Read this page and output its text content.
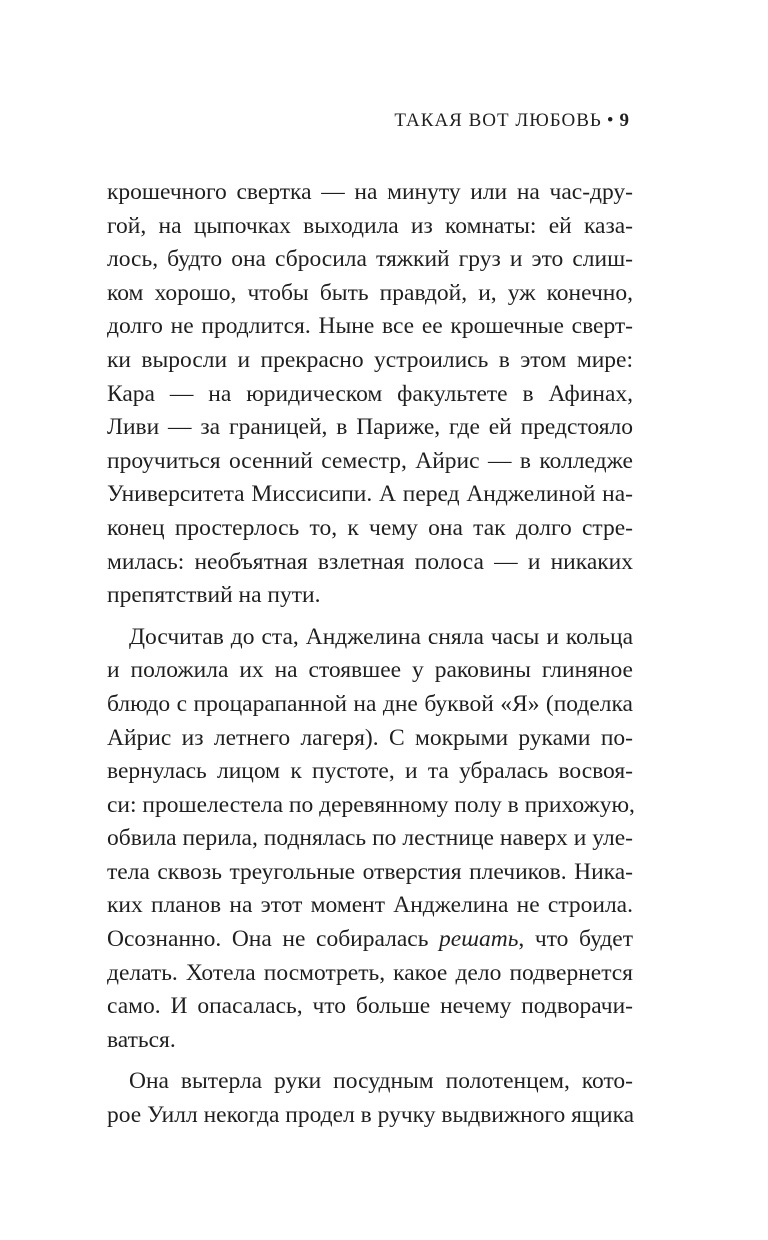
ТАКАЯ ВОТ ЛЮБОВЬ • 9
крошечного свертка — на минуту или на час-дру-
гой, на цыпочках выходила из комнаты: ей каза-
лось, будто она сбросила тяжкий груз и это слиш-
ком хорошо, чтобы быть правдой, и, уж конечно,
долго не продлится. Ныне все ее крошечные сверт-
ки выросли и прекрасно устроились в этом мире:
Кара — на юридическом факультете в Афинах,
Ливи — за границей, в Париже, где ей предстояло
проучиться осенний семестр, Айрис — в колледже
Университета Миссисипи. А перед Анджелиной на-
конец простерлось то, к чему она так долго стре-
милась: необъятная взлетная полоса — и никаких
препятствий на пути.
Досчитав до ста, Анджелина сняла часы и кольца
и положила их на стоявшее у раковины глиняное
блюдо с процарапанной на дне буквой «Я» (поделка
Айрис из летнего лагеря). С мокрыми руками по-
вернулась лицом к пустоте, и та убралась восвоя-
си: прошелестела по деревянному полу в прихожую,
обвила перила, поднялась по лестнице наверх и уле-
тела сквозь треугольные отверстия плечиков. Ника-
ких планов на этот момент Анджелина не строила.
Осознанно. Она не собиралась решать, что будет
делать. Хотела посмотреть, какое дело подвернется
само. И опасалась, что больше нечему подворачи-
ваться.
Она вытерла руки посудным полотенцем, кото-
рое Уилл некогда продел в ручку выдвижного ящика
